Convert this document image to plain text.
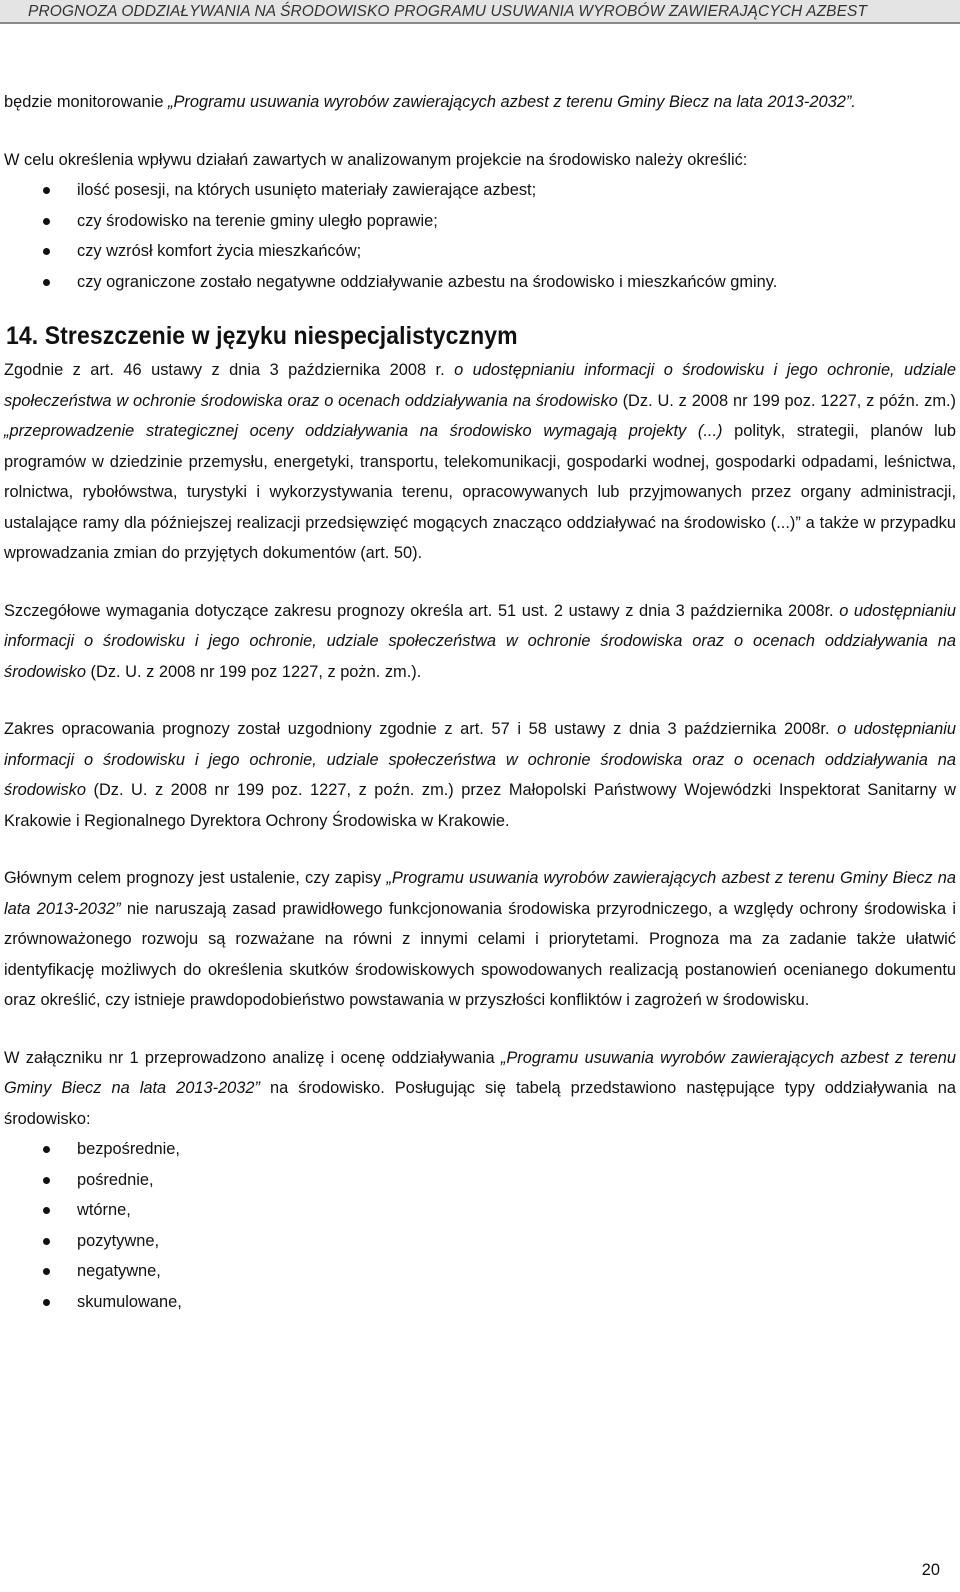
PROGNOZA ODDZIAŁYWANIA NA ŚRODOWISKO PROGRAMU USUWANIA WYROBÓW ZAWIERAJĄCYCH AZBEST

będzie monitorowanie „Programu usuwania wyrobów zawierających azbest z terenu Gminy Biecz na lata 2013-2032”.

W celu określenia wpływu działań zawartych w analizowanym projekcie na środowisko należy określić:

ilość posesji, na których usunięto materiały zawierające azbest;
czy środowisko na terenie gminy uległo poprawie;
czy wzrósł komfort życia mieszkańców;
czy ograniczone zostało negatywne oddziaływanie azbestu na środowisko i mieszkańców gminy.
14. Streszczenie w języku niespecjalistycznym

Zgodnie z art. 46 ustawy z dnia 3 października 2008 r. o udostępnianiu informacji o środowisku i jego ochronie, udziale społeczeństwa w ochronie środowiska oraz o ocenach oddziaływania na środowisko (Dz. U. z 2008 nr 199 poz. 1227, z późn. zm.) „przeprowadzenie strategicznej oceny oddziaływania na środowisko wymagają projekty (...) polityk, strategii, planów lub programów w dziedzinie przemysłu, energetyki, transportu, telekomunikacji, gospodarki wodnej, gospodarki odpadami, leśnictwa, rolnictwa, rybołówstwa, turystyki i wykorzystywania terenu, opracowywanych lub przyjmowanych przez organy administracji, ustalające ramy dla późniejszej realizacji przedsięwzięć mogących znacząco oddziaływać na środowisko (...)” a także w przypadku wprowadzania zmian do przyjętych dokumentów (art. 50).

Szczegółowe wymagania dotyczące zakresu prognozy określa art. 51 ust. 2 ustawy z dnia 3 października 2008r. o udostępnianiu informacji o środowisku i jego ochronie, udziale społeczeństwa w ochronie środowiska oraz o ocenach oddziaływania na środowisko (Dz. U. z 2008 nr 199 poz 1227, z pożn. zm.).

Zakres opracowania prognozy został uzgodniony zgodnie z art. 57 i 58 ustawy z dnia 3 października 2008r. o udostępnianiu informacji o środowisku i jego ochronie, udziale społeczeństwa w ochronie środowiska oraz o ocenach oddziaływania na środowisko (Dz. U. z 2008 nr 199 poz. 1227, z poźn. zm.) przez Małopolski Państwowy Wojewódzki Inspektorat Sanitarny w Krakowie i Regionalnego Dyrektora Ochrony Środowiska w Krakowie.

Głównym celem prognozy jest ustalenie, czy zapisy „Programu usuwania wyrobów zawierających azbest z terenu Gminy Biecz na lata 2013-2032” nie naruszają zasad prawidłowego funkcjonowania środowiska przyrodniczego, a względy ochrony środowiska i zrównoważonego rozwoju są rozważane na równi z innymi celami i priorytetami. Prognoza ma za zadanie także ułatwić identyfikację możliwych do określenia skutków środowiskowych spowodowanych realizacją postanowień ocenianego dokumentu oraz określić, czy istnieje prawdopodobieństwo powstawania w przyszłości konfliktów i zagrożeń w środowisku.

W załączniku nr 1 przeprowadzono analizę i ocenę oddziaływania „Programu usuwania wyrobów zawierających azbest z terenu Gminy Biecz na lata 2013-2032” na środowisko. Posługując się tabelą przedstawiono następujące typy oddziaływania na środowisko:

bezpośrednie,
pośrednie,
wtórne,
pozytywne,
negatywne,
skumulowane,
20
